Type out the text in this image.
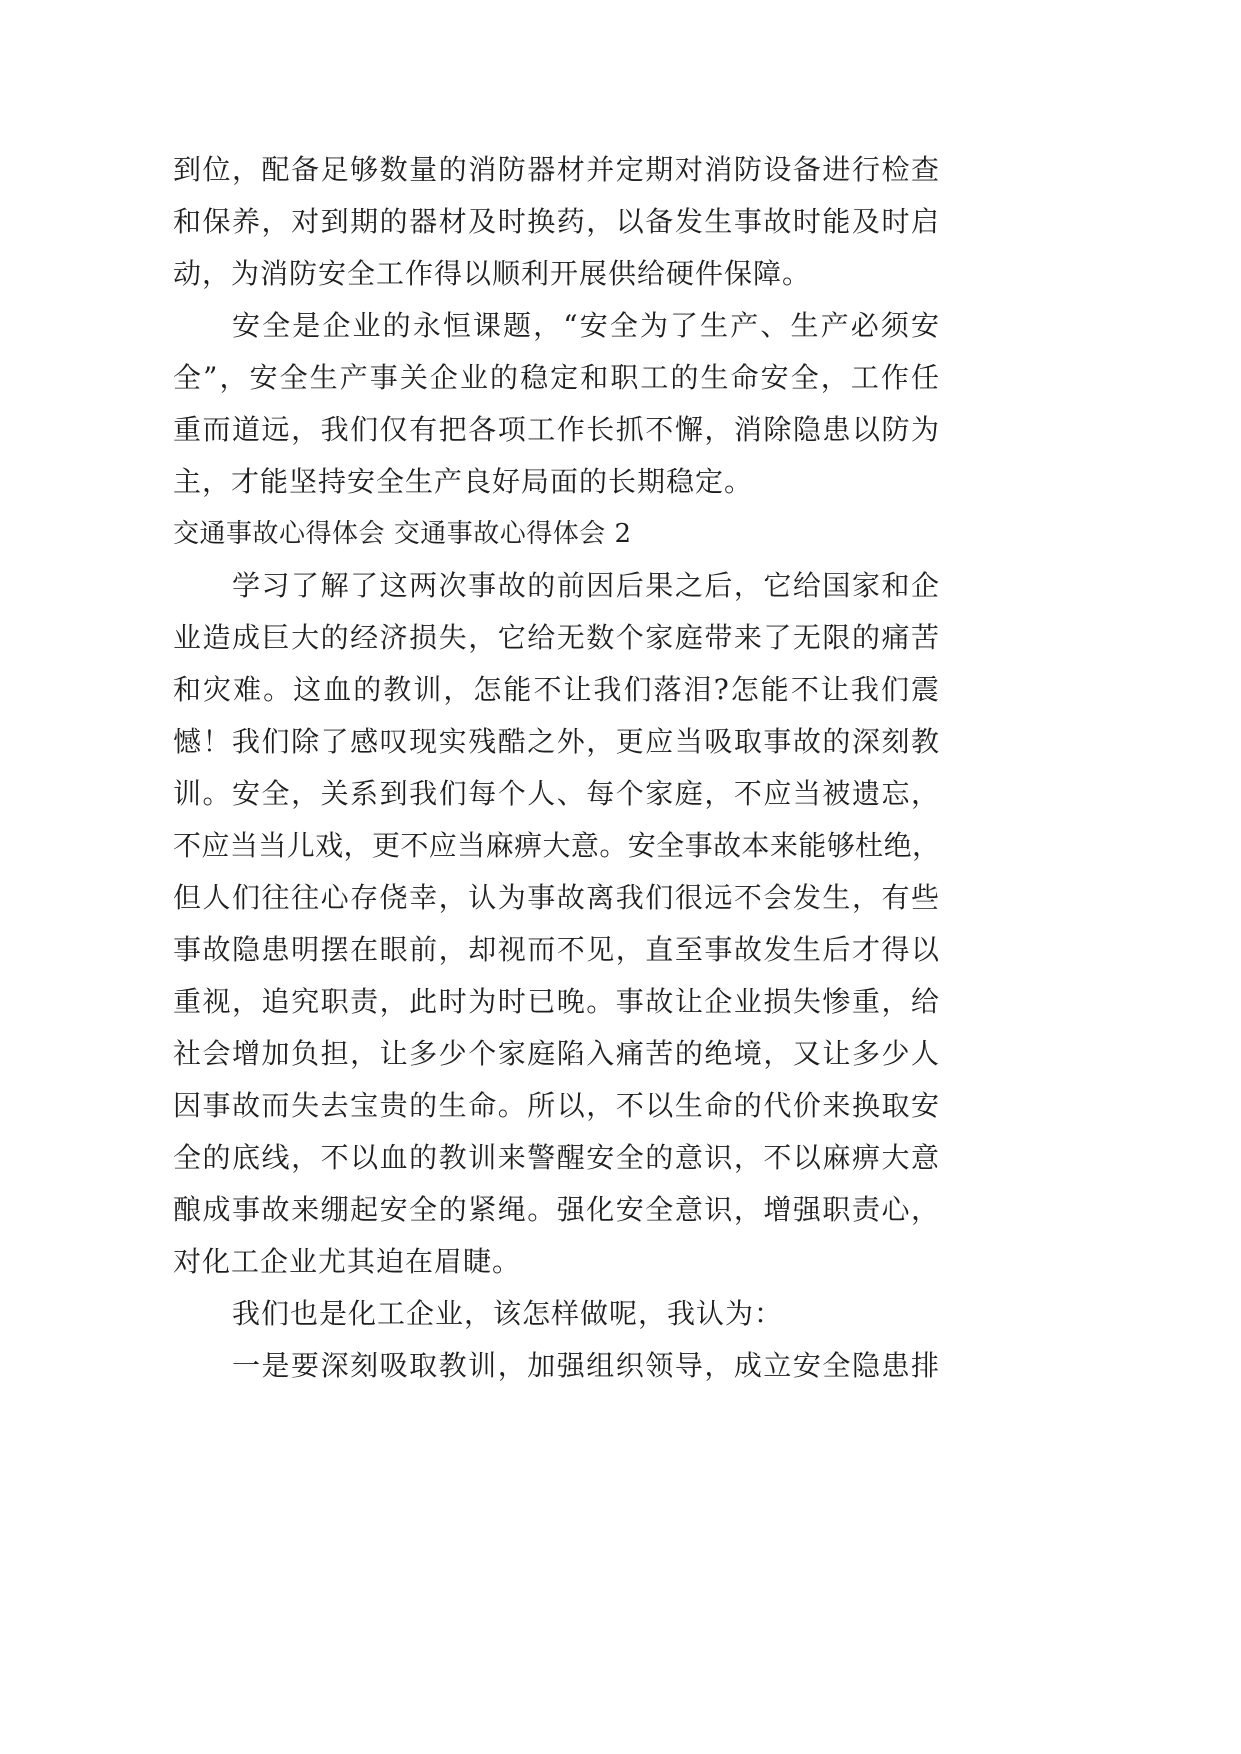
到位，配备足够数量的消防器材并定期对消防设备进行检查
和保养，对到期的器材及时换药，以备发生事故时能及时启
动，为消防安全工作得以顺利开展供给硬件保障。
安全是企业的永恒课题，“安全为了生产、生产必须安
全”，安全生产事关企业的稳定和职工的生命安全，工作任
重而道远，我们仅有把各项工作长抓不懈，消除隐患以防为
主，才能坚持安全生产良好局面的长期稳定。
交通事故心得体会 交通事故心得体会 2
学习了解了这两次事故的前因后果之后，它给国家和企
业造成巨大的经济损失，它给无数个家庭带来了无限的痛苦
和灾难。这血的教训，怎能不让我们落泪?怎能不让我们震
憾！我们除了感叹现实残酷之外，更应当吸取事故的深刻教
训。安全，关系到我们每个人、每个家庭，不应当被遗忘，
不应当当儿戏，更不应当麻痹大意。安全事故本来能够杜绝，
但人们往往心存侥幸，认为事故离我们很远不会发生，有些
事故隐患明摆在眼前，却视而不见，直至事故发生后才得以
重视，追究职责，此时为时已晚。事故让企业损失惨重，给
社会增加负担，让多少个家庭陷入痛苦的绝境，又让多少人
因事故而失去宝贵的生命。所以，不以生命的代价来换取安
全的底线，不以血的教训来警醒安全的意识，不以麻痹大意
酿成事故来绷起安全的紧绳。强化安全意识，增强职责心，
对化工企业尤其迫在眉睫。
我们也是化工企业，该怎样做呢，我认为：
一是要深刻吸取教训，加强组织领导，成立安全隐患排
